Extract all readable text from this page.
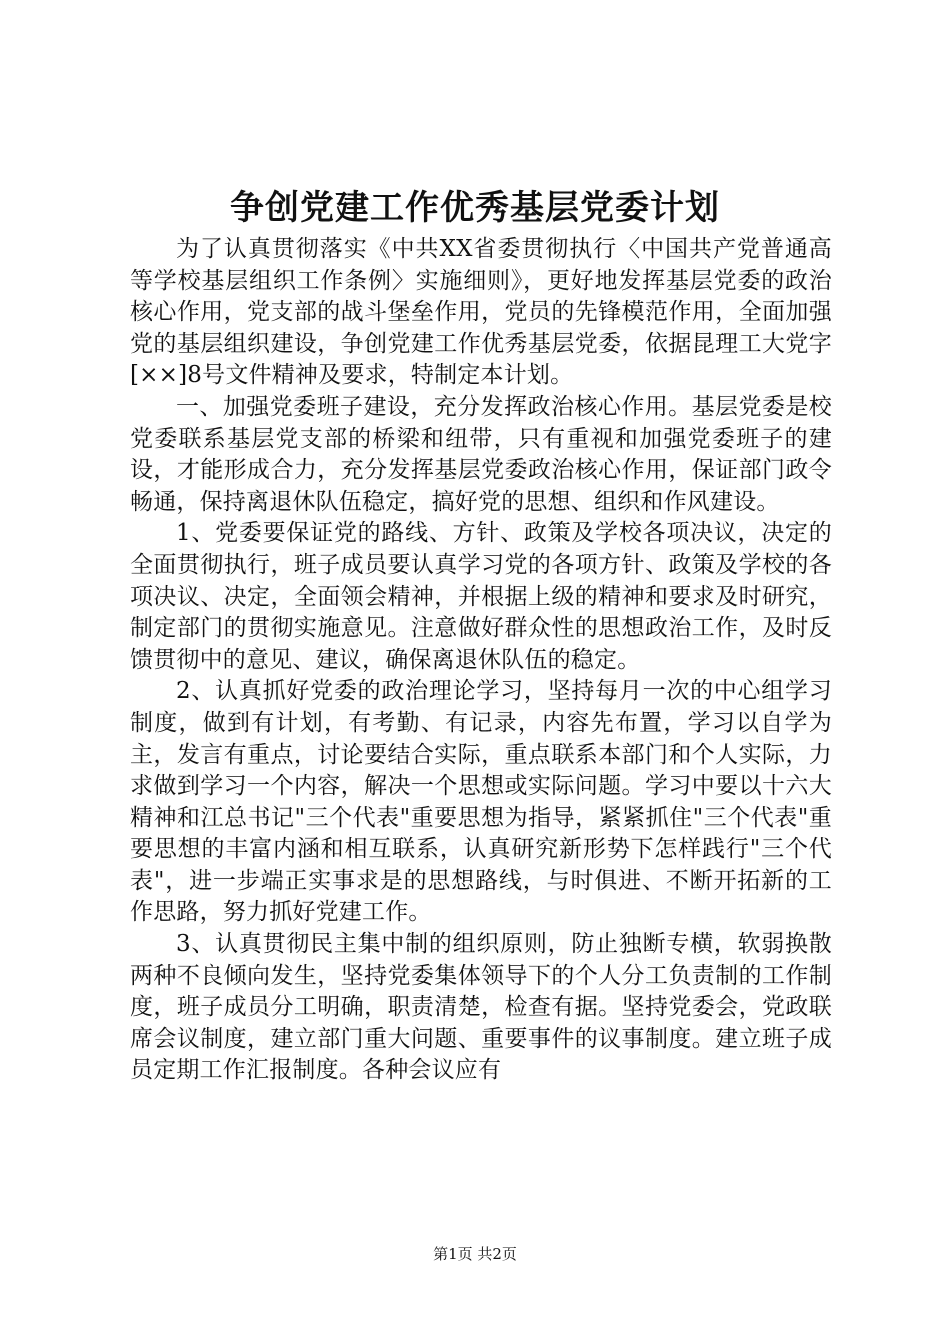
争创党建工作优秀基层党委计划

为了认真贯彻落实《中共XX省委贯彻执行〈中国共产党普通高等学校基层组织工作条例〉实施细则》，更好地发挥基层党委的政治核心作用，党支部的战斗堡垒作用，党员的先锋模范作用，全面加强党的基层组织建设，争创党建工作优秀基层党委，依据昆理工大党字[××]8号文件精神及要求，特制定本计划。

一、加强党委班子建设，充分发挥政治核心作用。基层党委是校党委联系基层党支部的桥梁和纽带，只有重视和加强党委班子的建设，才能形成合力，充分发挥基层党委政治核心作用，保证部门政令畅通，保持离退休队伍稳定，搞好党的思想、组织和作风建设。

1、党委要保证党的路线、方针、政策及学校各项决议，决定的全面贯彻执行，班子成员要认真学习党的各项方针、政策及学校的各项决议、决定，全面领会精神，并根据上级的精神和要求及时研究，制定部门的贯彻实施意见。注意做好群众性的思想政治工作，及时反馈贯彻中的意见、建议，确保离退休队伍的稳定。

2、认真抓好党委的政治理论学习，坚持每月一次的中心组学习制度，做到有计划，有考勤、有记录，内容先布置，学习以自学为主，发言有重点，讨论要结合实际，重点联系本部门和个人实际，力求做到学习一个内容，解决一个思想或实际问题。学习中要以十六大精神和江总书记"三个代表"重要思想为指导，紧紧抓住"三个代表"重要思想的丰富内涵和相互联系，认真研究新形势下怎样践行"三个代表"，进一步端正实事求是的思想路线，与时俱进、不断开拓新的工作思路，努力抓好党建工作。

3、认真贯彻民主集中制的组织原则，防止独断专横，软弱换散两种不良倾向发生，坚持党委集体领导下的个人分工负责制的工作制度，班子成员分工明确，职责清楚，检查有据。坚持党委会，党政联席会议制度，建立部门重大问题、重要事件的议事制度。建立班子成员定期工作汇报制度。各种会议应有

第1页 共2页
